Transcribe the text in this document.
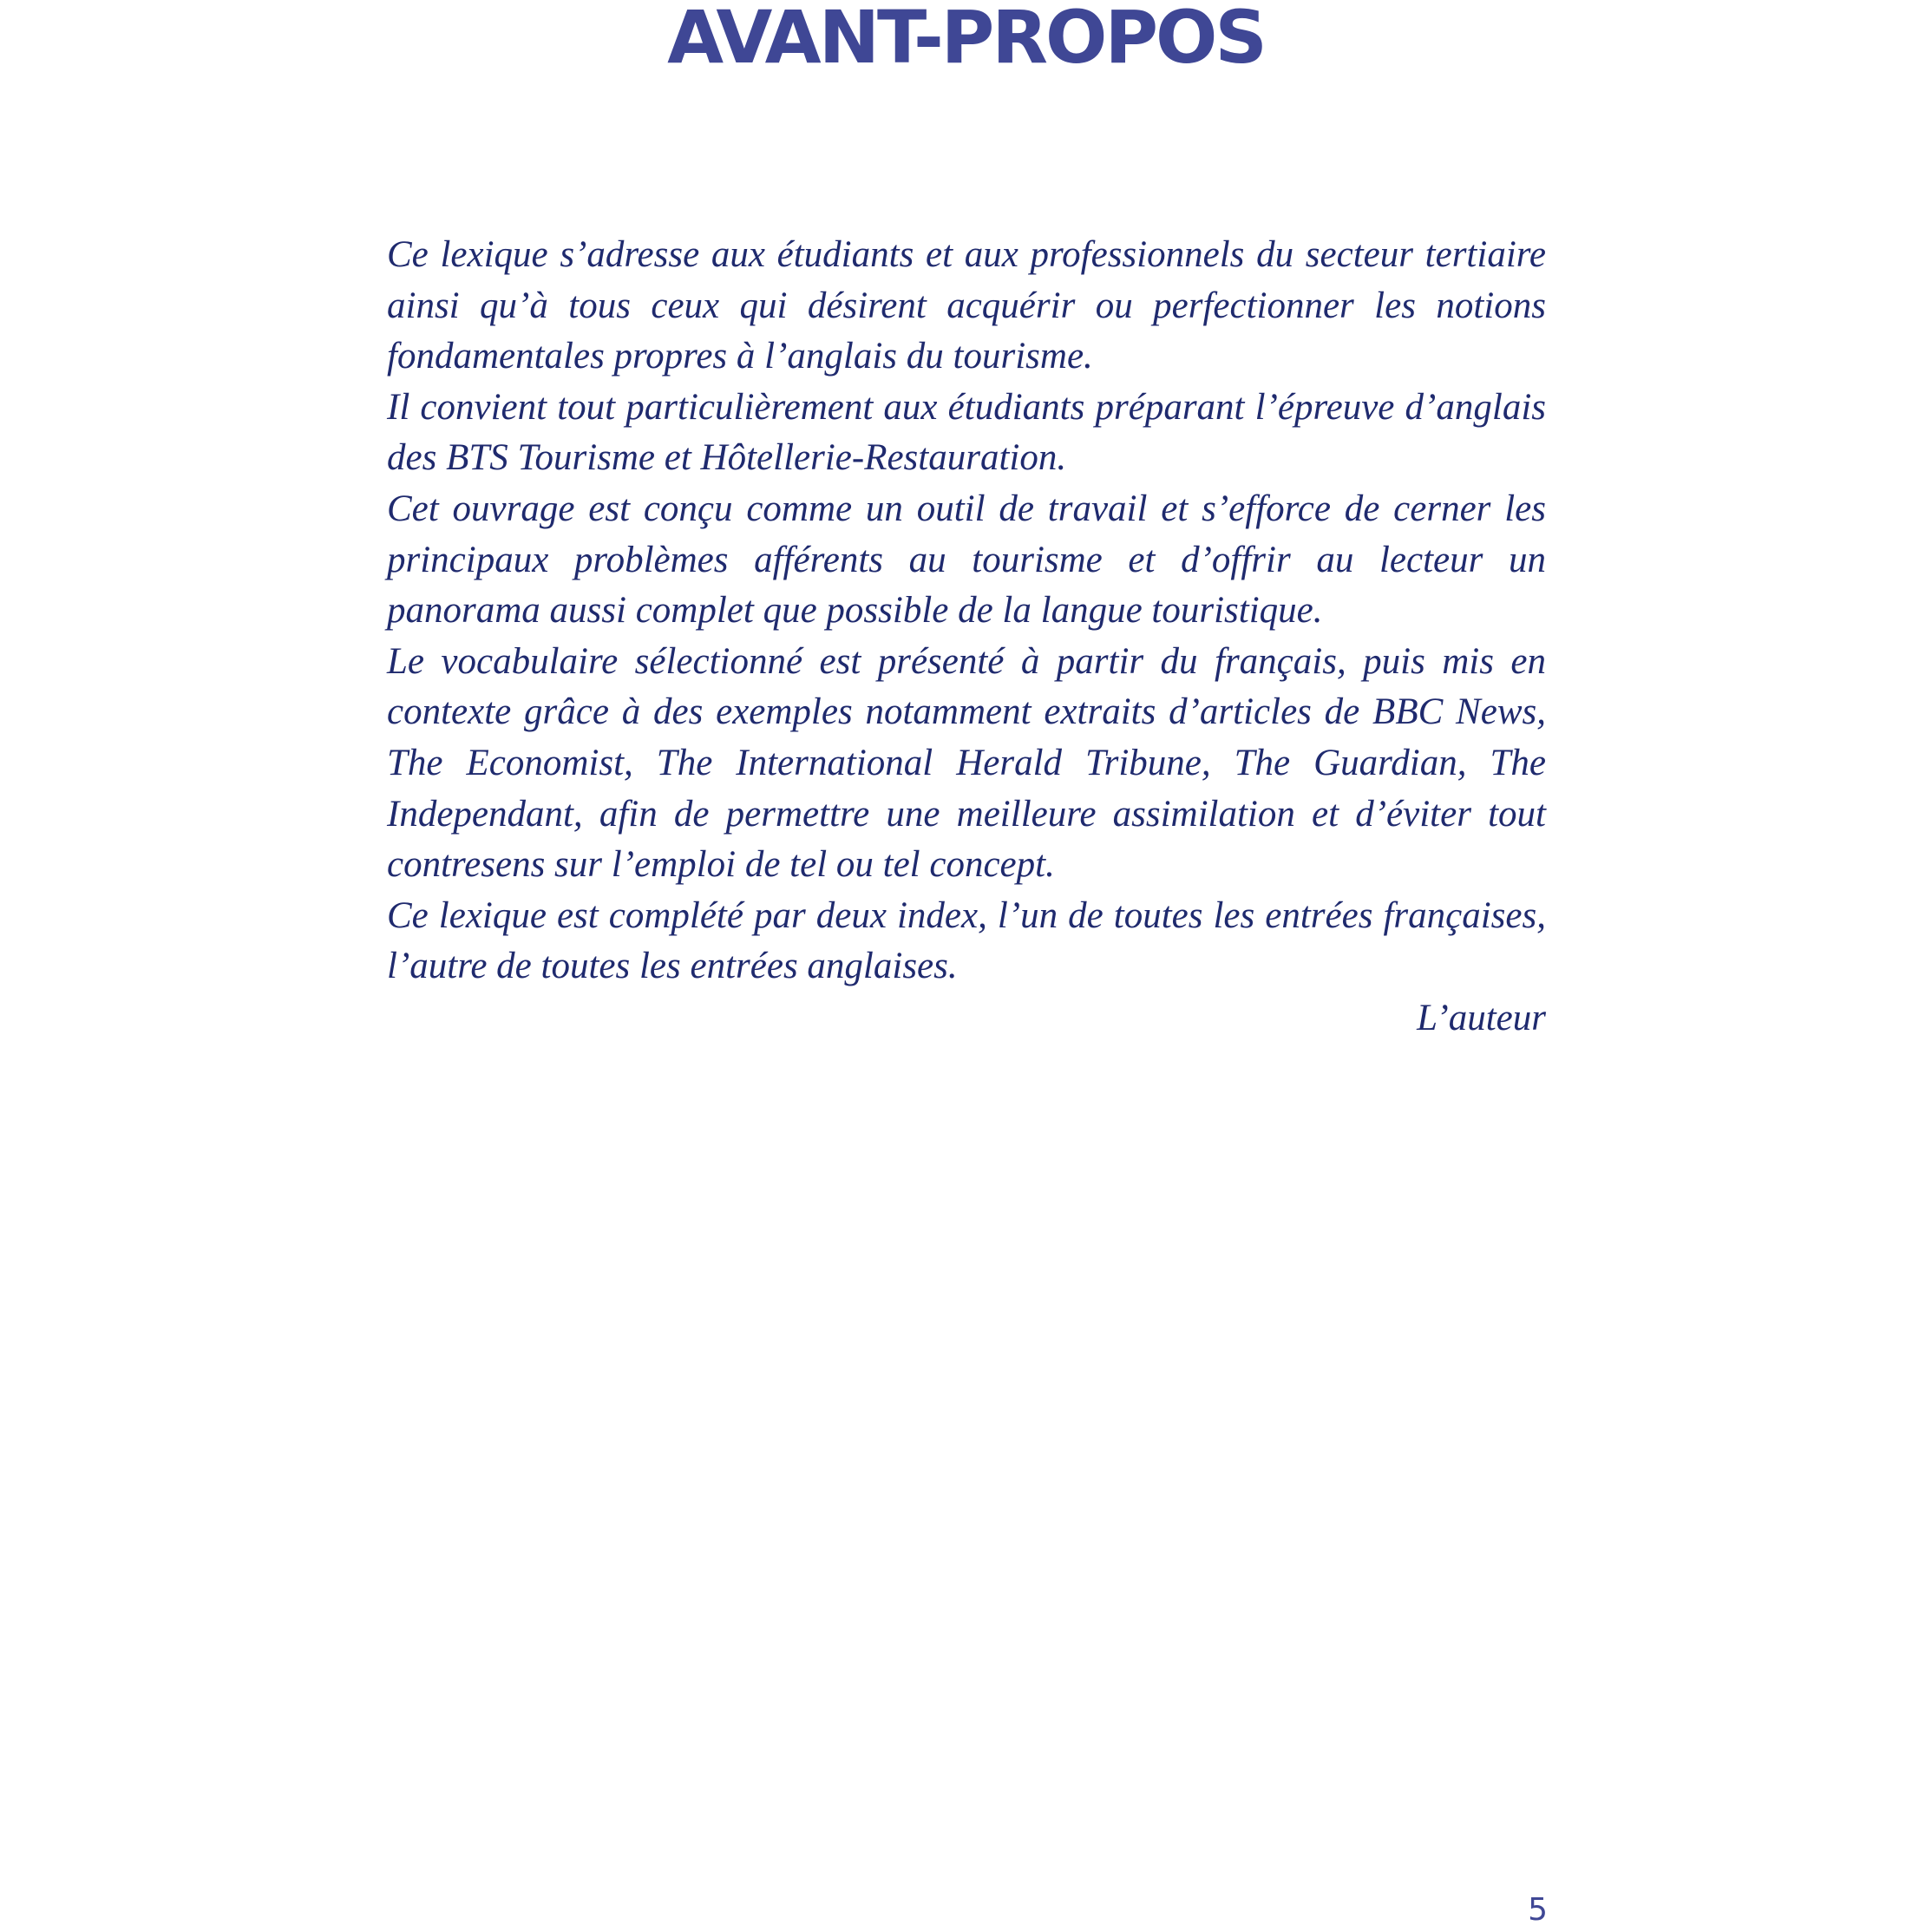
AVANT-PROPOS

Ce lexique s’adresse aux étudiants et aux professionnels du secteur tertiaire ainsi qu’à tous ceux qui désirent acquérir ou perfectionner les notions fondamentales propres à l’anglais du tourisme.

Il convient tout particulièrement aux étudiants préparant l’épreuve d’anglais des BTS Tourisme et Hôtellerie-Restauration.

Cet ouvrage est conçu comme un outil de travail et s’efforce de cerner les principaux problèmes afférents au tourisme et d’offrir au lecteur un panorama aussi complet que possible de la langue touristique.

Le vocabulaire sélectionné est présenté à partir du français, puis mis en contexte grâce à des exemples notamment extraits d’articles de BBC News, The Economist, The International Herald Tribune, The Guardian, The Independant, afin de permettre une meilleure assimilation et d’éviter tout contresens sur l’emploi de tel ou tel concept.

Ce lexique est complété par deux index, l’un de toutes les entrées françaises, l’autre de toutes les entrées anglaises.

L’auteur

5
